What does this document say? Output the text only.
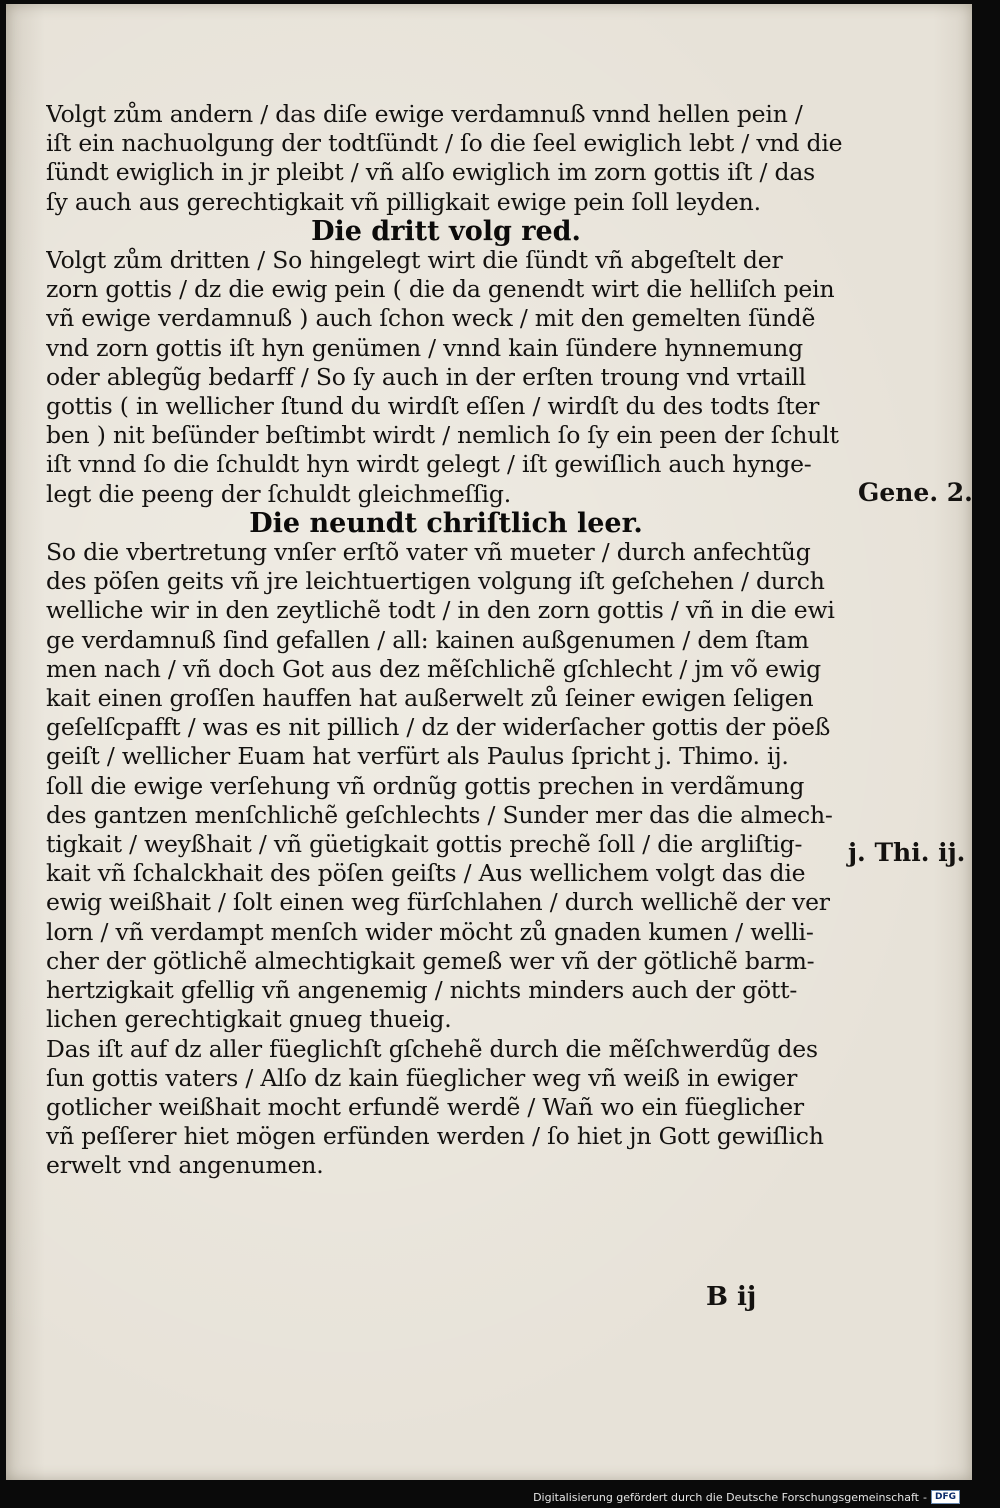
Volgt zům andern / das diſe ewige verdamnuß vnnd hellen pein /
iſt ein nachuolgung der todtſündt / ſo die ſeel ewiglich lebt / vnd die
ſündt ewiglich in jr pleibt / vñ alſo ewiglich im zorn gottis iſt / das
ſy auch aus gerechtigkait vñ pilligkait ewige pein ſoll leyden.
Die dritt volg red.
Volgt zům dritten / So hingelegt wirt die ſündt vñ abgeſtelt der
zorn gottis / dz die ewig pein ( die da genendt wirt die helliſch pein
vñ ewige verdamnuß ) auch ſchon weck / mit den gemelten ſündẽ
vnd zorn gottis iſt hyn genümen / vnnd kain ſündere hynnemung
oder ablegũg bedarff / So ſy auch in der erſten troung vnd vrtaill
gottis ( in wellicher ſtund du wirdſt eſſen / wirdſt du des todts ſter
ben ) nit beſünder beſtimbt wirdt / nemlich ſo ſy ein peen der ſchult
iſt vnnd ſo die ſchuldt hyn wirdt gelegt / iſt gewiſlich auch hynge-
legt die peeng der ſchuldt gleichmeſſig.
Die neundt chriſtlich leer.
So die vbertretung vnſer erſtõ vater vñ mueter / durch anfechtũg
des pöſen geits vñ jre leichtuertigen volgung iſt geſchehen / durch
welliche wir in den zeytlichẽ todt / in den zorn gottis / vñ in die ewi
ge verdamnuß ſind gefallen / all: kainen außgenumen / dem ſtam
men nach / vñ doch Got aus dez mẽſchlichẽ gſchlecht / jm võ ewig
kait einen groſſen hauffen hat außerwelt zů ſeiner ewigen ſeligen
geſelſcpafft / was es nit pillich / dz der widerſacher gottis der pöeß
geiſt / wellicher Euam hat verfürt als Paulus ſpricht j. Thimo. ij.
ſoll die ewige verſehung vñ ordnũg gottis prechen in verdãmung
des gantzen menſchlichẽ geſchlechts / Sunder mer das die almech-
tigkait / weyßhait / vñ güetigkait gottis prechẽ ſoll / die argliſtig-
kait vñ ſchalckhait des pöſen geiſts / Aus wellichem volgt das die
ewig weißhait / ſolt einen weg fürſchlahen / durch wellichẽ der ver
lorn / vñ verdampt menſch wider möcht zů gnaden kumen / welli-
cher der götlichẽ almechtigkait gemeß wer vñ der götlichẽ barm-
hertzigkait gfellig vñ angenemig / nichts minders auch der gött-
lichen gerechtigkait gnueg thueig.
Das iſt auf dz aller füeglichſt gſchehẽ durch die mẽſchwerdũg des
ſun gottis vaters / Alſo dz kain füeglicher weg vñ weiß in ewiger
gotlicher weißhait mocht erfundẽ werdẽ / Wañ wo ein füeglicher
vñ peſſerer hiet mögen erfünden werden / ſo hiet jn Gott gewiſlich
erwelt vnd angenumen.
Gene. 2.
j. Thi. ij.
B ij
Digitalisierung gefördert durch die Deutsche Forschungsgemeinschaft - DFG
